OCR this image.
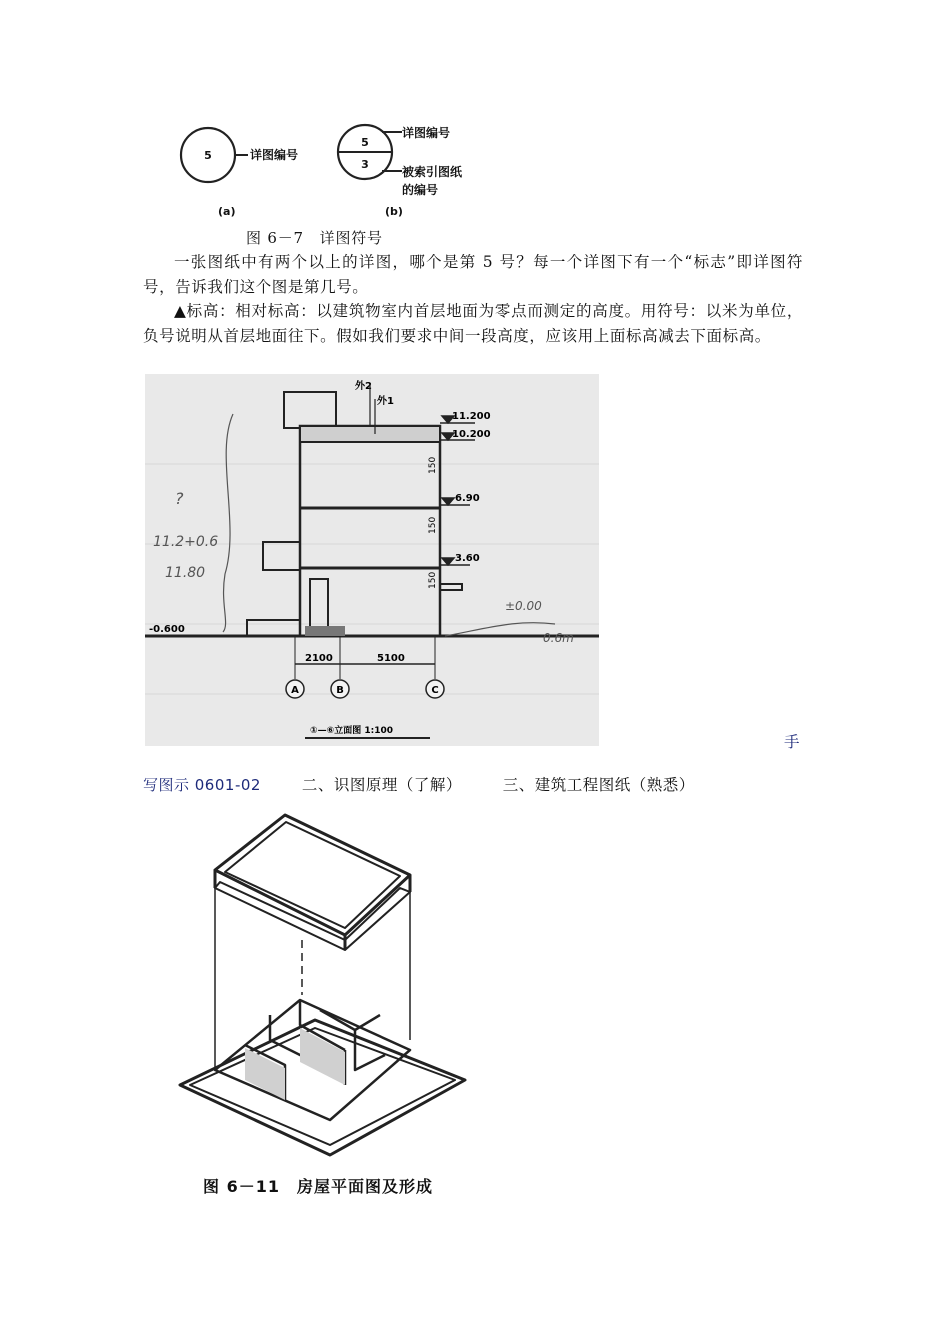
5	详图编号
(a)
5
3
详图编号
被索引图纸
的编号
(b)
图 6－7　详图符号
一张图纸中有两个以上的详图，哪个是第 5 号？每一个详图下有一个“标志”即详图符号，告诉我们这个图是第几号。
▲标高：相对标高：以建筑物室内首层地面为零点而测定的高度。用符号：以米为单位，负号说明从首层地面往下。假如我们要求中间一段高度，应该用上面标高减去下面标高。
11.200
10.200
6.90
3.60
外2
外1
150
150
150
-0.600
2100	5100
A	B	C
①—⑥立面图 1:100
?
11.2+0.6
11.80
±0.00
0.6m
手
写图示 0601-02	二、识图原理（了解）	三、建筑工程图纸（熟悉）
图 6－11　房屋平面图及形成
